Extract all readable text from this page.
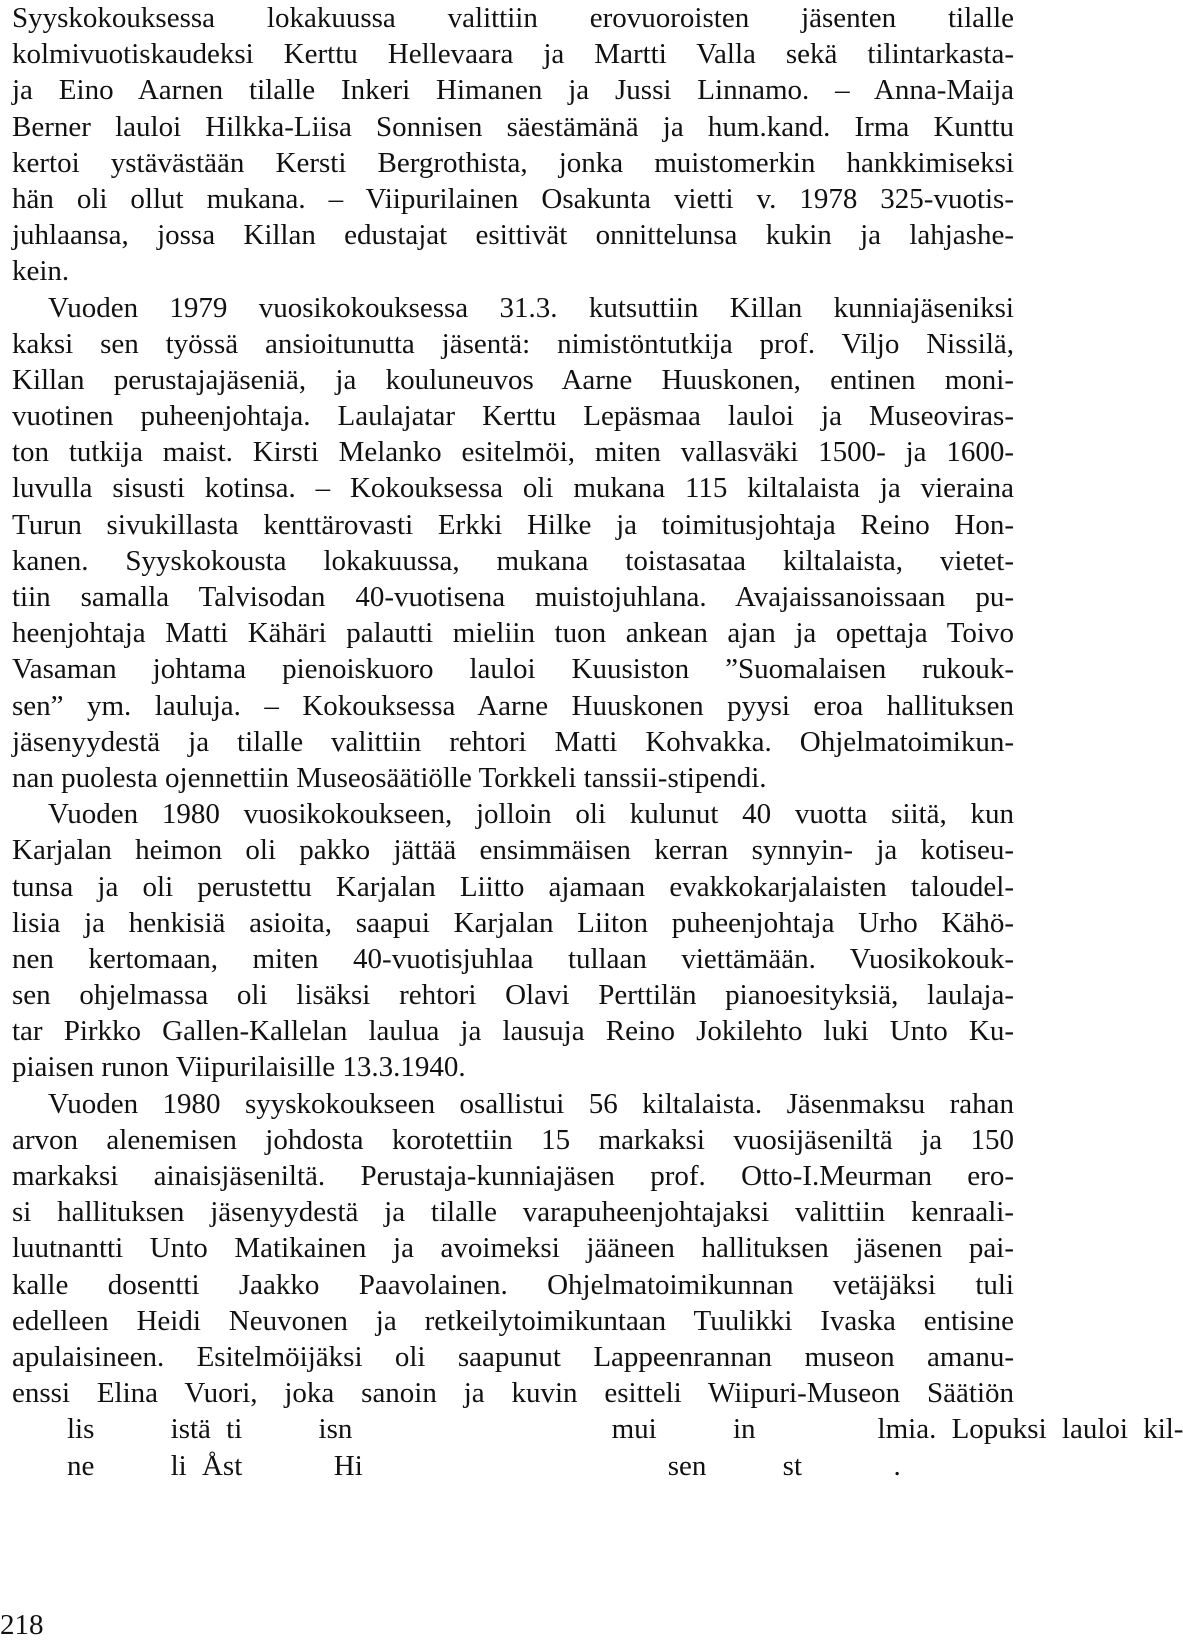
Syyskokouksessa lokakuussa valittiin erovuoroisten jäsenten tilalle
kolmivuotiskaudeksi Kerttu Hellevaara ja Martti Valla sekä tilintarkasta-
ja Eino Aarnen tilalle Inkeri Himanen ja Jussi Linnamo. – Anna-Maija
Berner lauloi Hilkka-Liisa Sonnisen säestämänä ja hum.kand. Irma Kunttu
kertoi ystävästään Kersti Bergrothista, jonka muistomerkin hankkimiseksi
hän oli ollut mukana. – Viipurilainen Osakunta vietti v. 1978 325-vuotis-
juhlaansa, jossa Killan edustajat esittivät onnittelunsa kukin ja lahjashe-
kein.
Vuoden 1979 vuosikokouksessa 31.3. kutsuttiin Killan kunniajäseniksi
kaksi sen työssä ansioitunutta jäsentä: nimistöntutkija prof. Viljo Nissilä,
Killan perustajajäseniä, ja kouluneuvos Aarne Huuskonen, entinen moni-
vuotinen puheenjohtaja. Laulajatar Kerttu Lepäsmaa lauloi ja Museoviras-
ton tutkija maist. Kirsti Melanko esitelmöi, miten vallasväki 1500- ja 1600-
luvulla sisusti kotinsa. – Kokouksessa oli mukana 115 kiltalaista ja vieraina
Turun sivukillasta kenttärovasti Erkki Hilke ja toimitusjohtaja Reino Hon-
kanen. Syyskokousta lokakuussa, mukana toistasataa kiltalaista, vietet-
tiin samalla Talvisodan 40-vuotisena muistojuhlana. Avajaissanoissaan pu-
heenjohtaja Matti Kähäri palautti mieliin tuon ankean ajan ja opettaja Toivo
Vasaman johtama pienoiskuoro lauloi Kuusiston ”Suomalaisen rukouk-
sen” ym. lauluja. – Kokouksessa Aarne Huuskonen pyysi eroa hallituksen
jäsenyydestä ja tilalle valittiin rehtori Matti Kohvakka. Ohjelmatoimikun-
nan puolesta ojennettiin Museosäätiölle Torkkeli tanssii-stipendi.
Vuoden 1980 vuosikokoukseen, jolloin oli kulunut 40 vuotta siitä, kun
Karjalan heimon oli pakko jättää ensimmäisen kerran synnyin- ja kotiseu-
tunsa ja oli perustettu Karjalan Liitto ajamaan evakkokarjalaisten taloudel-
lisia ja henkisiä asioita, saapui Karjalan Liiton puheenjohtaja Urho Kähö-
nen kertomaan, miten 40-vuotisjuhlaa tullaan viettämään. Vuosikokouk-
sen ohjelmassa oli lisäksi rehtori Olavi Perttilän pianoesityksiä, laulaja-
tar Pirkko Gallen-Kallelan laulua ja lausuja Reino Jokilehto luki Unto Ku-
piaisen runon Viipurilaisille 13.3.1940.
Vuoden 1980 syyskokoukseen osallistui 56 kiltalaista. Jäsenmaksu rahan
arvon alenemisen johdosta korotettiin 15 markaksi vuosijäseniltä ja 150
markaksi ainaisjäseniltä. Perustaja-kunniajäsen prof. Otto-I.Meurman ero-
si hallituksen jäsenyydestä ja tilalle varapuheenjohtajaksi valittiin kenraali-
luutnantti Unto Matikainen ja avoimeksi jääneen hallituksen jäsenen pai-
kalle dosentti Jaakko Paavolainen. Ohjelmatoimikunnan vetäjäksi tuli
edelleen Heidi Neuvonen ja retkeilytoimikuntaan Tuulikki Ivaska entisine
apulaisineen. Esitelmöijäksi oli saapunut Lappeenrannan museon amanu-
enssi Elina Vuori, joka sanoin ja kuvin esitteli Wiipuri-Museon Säätiön
lis     istä ti     isn                 mui     in        lmia. Lopuksi lauloi kil-
ne     li Åst      Hi                    sen     st      .
218
